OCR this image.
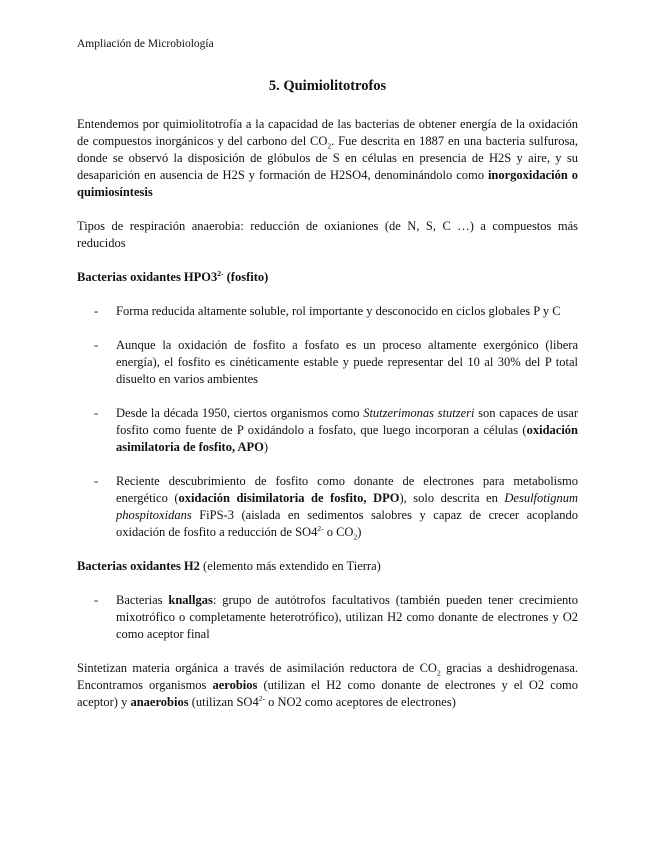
Ampliación de Microbiología
5. Quimiolitotrofos

Entendemos por quimiolitotrofía a la capacidad de las bacterias de obtener energía de la oxidación de compuestos inorgánicos y del carbono del $CO_2$. Fue descrita en 1887 en una bacteria sulfurosa, donde se observó la disposición de glóbulos de S en células en presencia de H2S y aire, y su desaparición en ausencia de H2S y formación de H2SO4, denominándolo como inorgoxidación o quimiosíntesis

Tipos de respiración anaerobia: reducción de oxianiones (de N, S, C …) a compuestos más reducidos

Bacterias oxidantes $HPO3^{2-}$ (fosfito)

- Forma reducida altamente soluble, rol importante y desconocido en ciclos globales P y C
- Aunque la oxidación de fosfito a fosfato es un proceso altamente exergónico (libera energía), el fosfito es cinéticamente estable y puede representar del 10 al 30% del P total disuelto en varios ambientes
- Desde la década 1950, ciertos organismos como Stutzerimonas stutzeri son capaces de usar fosfito como fuente de P oxidándolo a fosfato, que luego incorporan a células (oxidación asimilatoria de fosfito, APO)
- Reciente descubrimiento de fosfito como donante de electrones para metabolismo energético (oxidación disimilatoria de fosfito, DPO), solo descrita en Desulfotignum phospitoxidans FiPS-3 (aislada en sedimentos salobres y capaz de crecer acoplando oxidación de fosfito a reducción de $SO4^{2-}$ o $CO_2$)

Bacterias oxidantes H2 (elemento más extendido en Tierra)

- Bacterias knallgas: grupo de autótrofos facultativos (también pueden tener crecimiento mixotrófico o completamente heterotrófico), utilizan H2 como donante de electrones y O2 como aceptor final

Sintetizan materia orgánica a través de asimilación reductora de $CO_2$ gracias a deshidrogenasa. Encontramos organismos aerobios (utilizan el H2 como donante de electrones y el O2 como aceptor) y anaerobios (utilizan $SO4^{2-}$ o NO2 como aceptores de electrones)
